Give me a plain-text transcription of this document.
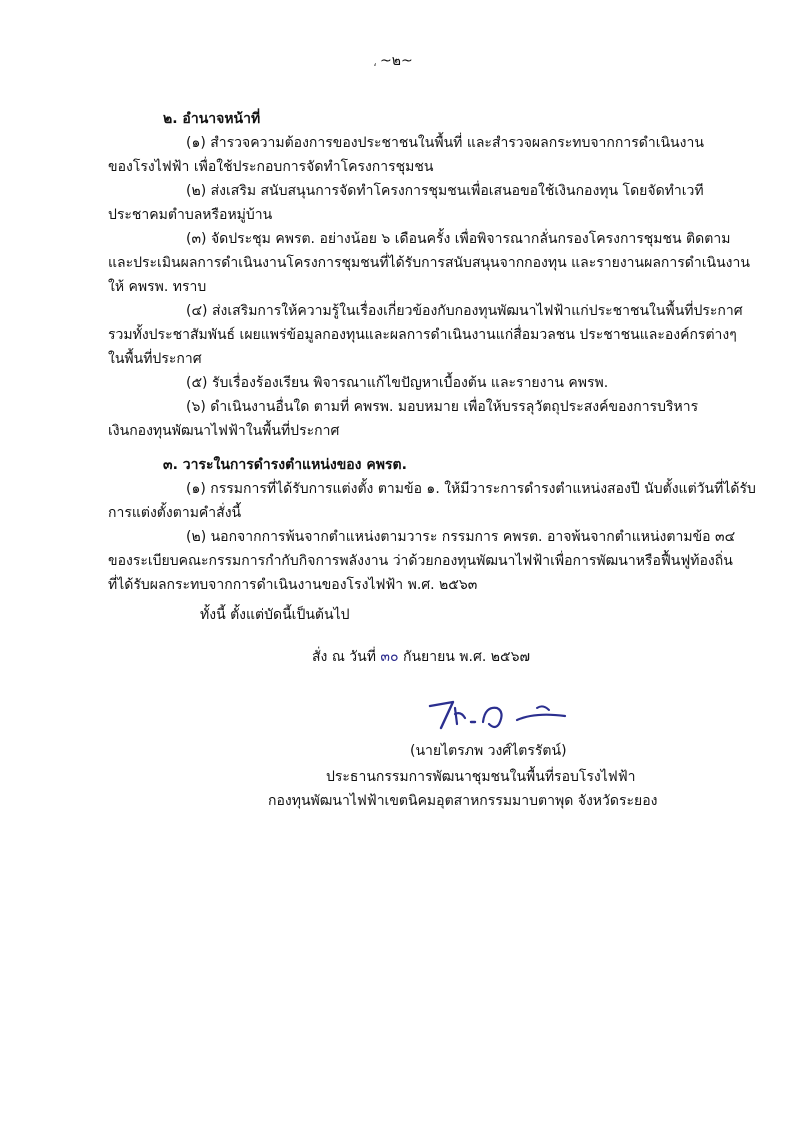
، ~๒~
๒. อำนาจหน้าที่
(๑) สำรวจความต้องการของประชาชนในพื้นที่ และสำรวจผลกระทบจากการดำเนินงาน
ของโรงไฟฟ้า เพื่อใช้ประกอบการจัดทำโครงการชุมชน
(๒) ส่งเสริม สนับสนุนการจัดทำโครงการชุมชนเพื่อเสนอขอใช้เงินกองทุน โดยจัดทำเวที
ประชาคมตำบลหรือหมู่บ้าน
(๓) จัดประชุม คพรต. อย่างน้อย ๖ เดือนครั้ง เพื่อพิจารณากลั่นกรองโครงการชุมชน ติดตาม
และประเมินผลการดำเนินงานโครงการชุมชนที่ได้รับการสนับสนุนจากกองทุน และรายงานผลการดำเนินงาน
ให้ คพรพ. ทราบ
(๔) ส่งเสริมการให้ความรู้ในเรื่องเกี่ยวข้องกับกองทุนพัฒนาไฟฟ้าแก่ประชาชนในพื้นที่ประกาศ
รวมทั้งประชาสัมพันธ์ เผยแพร่ข้อมูลกองทุนและผลการดำเนินงานแก่สื่อมวลชน ประชาชนและองค์กรต่างๆ
ในพื้นที่ประกาศ
(๕) รับเรื่องร้องเรียน พิจารณาแก้ไขปัญหาเบื้องต้น และรายงาน คพรพ.
(๖) ดำเนินงานอื่นใด ตามที่ คพรพ. มอบหมาย เพื่อให้บรรลุวัตถุประสงค์ของการบริหาร
เงินกองทุนพัฒนาไฟฟ้าในพื้นที่ประกาศ
๓. วาระในการดำรงตำแหน่งของ คพรต.
(๑) กรรมการที่ได้รับการแต่งตั้ง ตามข้อ ๑. ให้มีวาระการดำรงตำแหน่งสองปี นับตั้งแต่วันที่ได้รับ
การแต่งตั้งตามคำสั่งนี้
(๒) นอกจากการพ้นจากตำแหน่งตามวาระ กรรมการ คพรต. อาจพ้นจากตำแหน่งตามข้อ ๓๔
ของระเบียบคณะกรรมการกำกับกิจการพลังงาน ว่าด้วยกองทุนพัฒนาไฟฟ้าเพื่อการพัฒนาหรือฟื้นฟูท้องถิ่น
ที่ได้รับผลกระทบจากการดำเนินงานของโรงไฟฟ้า พ.ศ. ๒๕๖๓
ทั้งนี้ ตั้งแต่บัดนี้เป็นต้นไป
สั่ง ณ วันที่ ๓๐ กันยายน พ.ศ. ๒๕๖๗
(นายไตรภพ วงศ์ไตรรัตน์)
ประธานกรรมการพัฒนาชุมชนในพื้นที่รอบโรงไฟฟ้า
กองทุนพัฒนาไฟฟ้าเขตนิคมอุตสาหกรรมมาบตาพุด จังหวัดระยอง
